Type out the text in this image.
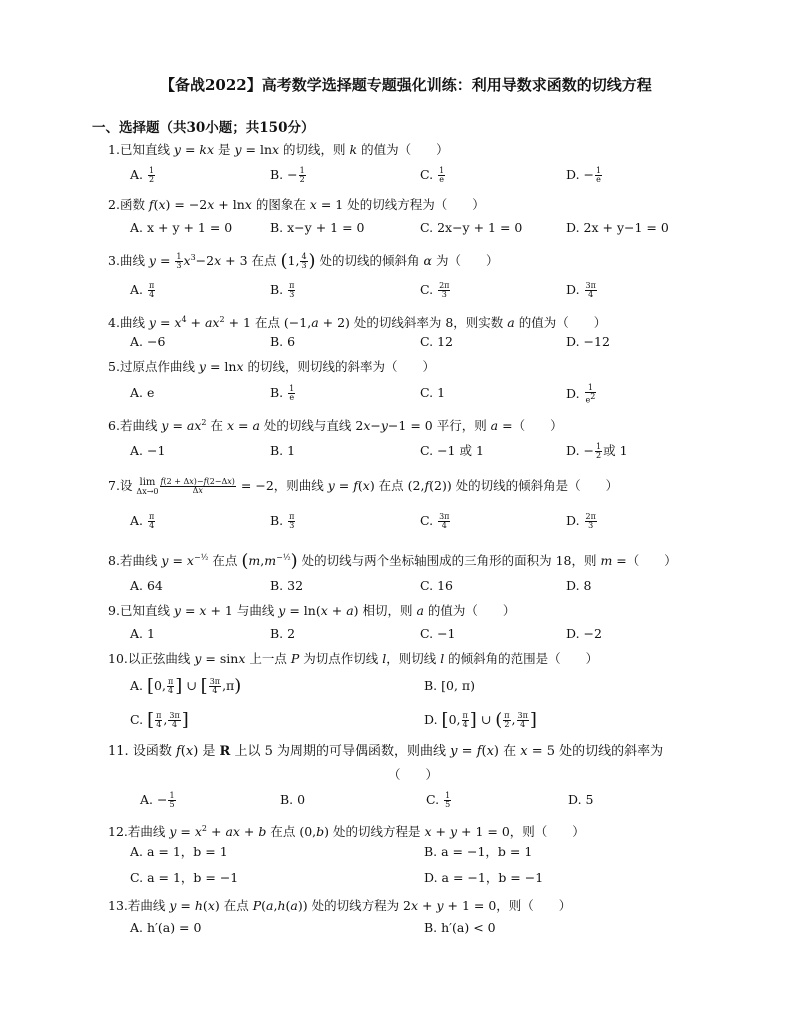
【备战2022】高考数学选择题专题强化训练：利用导数求函数的切线方程
一、选择题（共30小题；共150分）
1.已知直线 y = kx 是 y = lnx 的切线，则 k 的值为（　　）
A. $\frac{1}{2}$	B. − $\frac{1}{2}$	C. $\frac{1}{e}$	D. − $\frac{1}{e}$
2.函数 f(x) = −2x + lnx 的图象在 x = 1 处的切线方程为（　　）
A. x + y + 1 = 0	B. x−y + 1 = 0	C. 2x−y + 1 = 0	D. 2x + y−1 = 0
3.曲线 $y = \frac{1}{3} x^3-2x + 3$ 在点 (1, $\frac{4}{3}$ ) 处的切线的倾斜角 α 为（　　）
A. $\frac{\pi}{4}$	B. $\frac{\pi}{3}$	C. $\frac{2\pi}{3}$	D. $\frac{3\pi}{4}$
4.曲线 $y = x^4 + ax^2 + 1$ 在点 (−1,a + 2) 处的切线斜率为 8，则实数 a 的值为（　　）
A. −6	B. 6	C. 12	D. −12
5.过原点作曲线 y = lnx 的切线，则切线的斜率为（　　）
A. e	B. $\frac{1}{e}$	C. 1	D. $\frac{1}{e^2}$
6.若曲线 $y = ax^2$ 在 x = a 处的切线与直线 2x−y−1 = 0 平行，则 a =（　　）
A. −1	B. 1	C. −1 或 1	D. − $\frac{1}{2}$ 或 1
7.设 lim
$\Delta x\to 0 \frac{f(2 + \Delta x)-f(2-\Delta x)}{\Delta x} = -2$，则曲线 y = f(x) 在点 (2,f(2)) 处的切线的倾斜角是（　　）
A. $\frac{\pi}{4}$	B. $\frac{\pi}{3}$	C. $\frac{3\pi}{4}$	D. $\frac{2\pi}{3}$
8.若曲线 $y = x^{-\frac{1}{2}}$ 在点 $(m,m^{-\frac{1}{2}})$ 处的切线与两个坐标轴围成的三角形的面积为 18，则 m =（　　）
A. 64	B. 32	C. 16	D. 8
9.已知直线 y = x + 1 与曲线 y = ln(x + a) 相切，则 a 的值为（　　）
A. 1	B. 2	C. −1	D. −2
10.以正弦曲线 y = sinx 上一点 P 为切点作切线 l，则切线 l 的倾斜角的范围是（　　）
A. [0, $\frac{\pi}{4}$ ] ∪ [ $\frac{3\pi}{4} ,\pi$)	B. [0, π)
C. [ $\frac{\pi}{4}$ , $\frac{3\pi}{4}$ ]	D. [0, $\frac{\pi}{4}$ ] ∪ ( $\frac{\pi}{2}$ , $\frac{3\pi}{4}$ ]
11. 设函数 f(x) 是 R 上以 5 为周期的可导偶函数，则曲线 y = f(x) 在 x = 5 处的切线的斜率为
（　　）
A. − $\frac{1}{5}$	B. 0	C. $\frac{1}{5}$	D. 5
12.若曲线 $y = x^2$ + ax + b 在点 (0,b) 处的切线方程是 x + y + 1 = 0，则（　　）
A. a = 1，b = 1	B. a = −1，b = 1
C. a = 1，b = −1	D. a = −1，b = −1
13.若曲线 y = h(x) 在点 P(a,h(a)) 处的切线方程为 2x + y + 1 = 0，则（　　）
A. h′(a) = 0	B. h′(a) < 0
